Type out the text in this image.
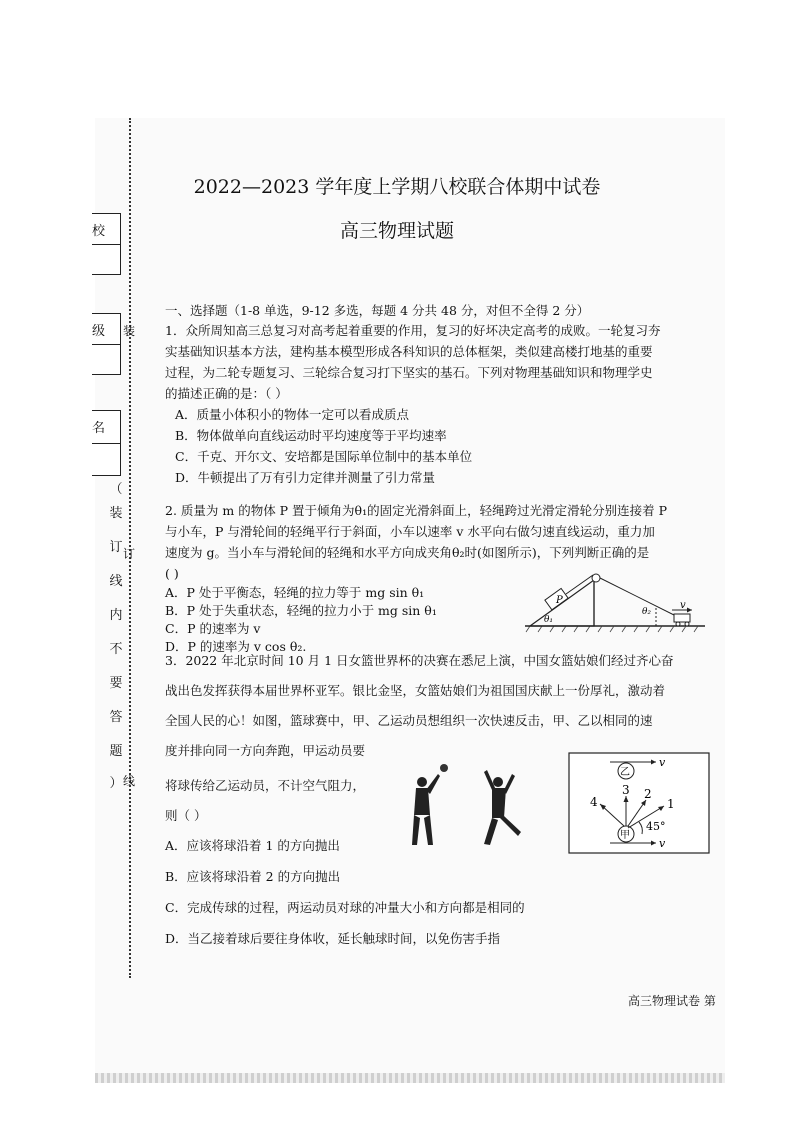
校
级
名
装
订
线
（
装
订
线
内
不
要
答
题
）
2022—2023 学年度上学期八校联合体期中试卷
高三物理试题
一、选择题（1-8 单选，9-12 多选，每题 4 分共 48 分，对但不全得 2 分）
1．众所周知高三总复习对高考起着重要的作用，复习的好坏决定高考的成败。一轮复习夯
实基础知识基本方法，建构基本模型形成各科知识的总体框架，类似建高楼打地基的重要
过程，为二轮专题复习、三轮综合复习打下坚实的基石。下列对物理基础知识和物理学史
的描述正确的是：（ ）
A．质量小体积小的物体一定可以看成质点
B．物体做单向直线运动时平均速度等于平均速率
C．千克、开尔文、安培都是国际单位制中的基本单位
D．牛顿提出了万有引力定律并测量了引力常量
2. 质量为 m 的物体 P 置于倾角为θ₁的固定光滑斜面上，轻绳跨过光滑定滑轮分别连接着 P
与小车，P 与滑轮间的轻绳平行于斜面，小车以速率 v 水平向右做匀速直线运动，重力加
速度为 g。当小车与滑轮间的轻绳和水平方向成夹角θ₂时(如图所示)，下列判断正确的是
( )
A．P 处于平衡态，轻绳的拉力等于 mg sin θ₁
B．P 处于失重状态，轻绳的拉力小于 mg sin θ₁
C．P 的速率为 v
D．P 的速率为 v cos θ₂.
P
θ₁
θ₂
v
3．2022 年北京时间 10 月 1 日女篮世界杯的决赛在悉尼上演，中国女篮姑娘们经过齐心奋
战出色发挥获得本届世界杯亚军。银比金坚，女篮姑娘们为祖国国庆献上一份厚礼，激动着
全国人民的心！如图，篮球赛中，甲、乙运动员想组织一次快速反击，甲、乙以相同的速
度并排向同一方向奔跑，甲运动员要
将球传给乙运动员，不计空气阻力，
则（ ）
A．应该将球沿着 1 的方向抛出
B．应该将球沿着 2 的方向抛出
C．完成传球的过程，两运动员对球的冲量大小和方向都是相同的
D．当乙接着球后要往身体收，延长触球时间，以免伤害手指
乙
v
甲
v
1
2
3
4
45°
高三物理试卷 第
